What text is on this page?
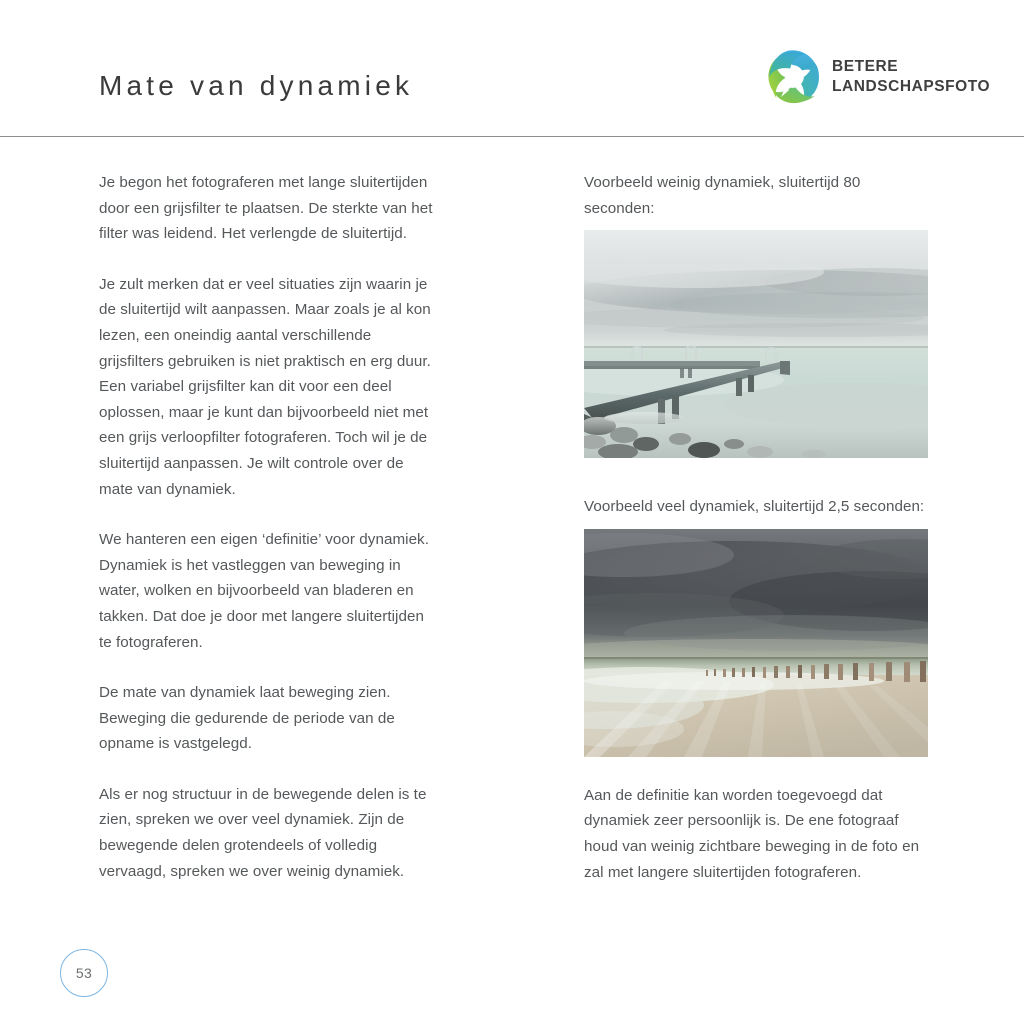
Mate van dynamiek
BETERE
LANDSCHAPSFOTO

Je begon het fotograferen met lange sluitertijden door een grijsfilter te plaatsen. De sterkte van het filter was leidend. Het verlengde de sluitertijd.

Je zult merken dat er veel situaties zijn waarin je de sluitertijd wilt aanpassen. Maar zoals je al kon lezen, een oneindig aantal verschillende grijsfilters gebruiken is niet praktisch en erg duur. Een variabel grijsfilter kan dit voor een deel oplossen, maar je kunt dan bijvoorbeeld niet met een grijs verloopfilter fotograferen. Toch wil je de sluitertijd aanpassen. Je wilt controle over de mate van dynamiek.

We hanteren een eigen ‘definitie’ voor dynamiek. Dynamiek is het vastleggen van beweging in water, wolken en bijvoorbeeld van bladeren en takken. Dat doe je door met langere sluitertijden te fotograferen.

De mate van dynamiek laat beweging zien. Beweging die gedurende de periode van de opname is vastgelegd.

Als er nog structuur in de bewegende delen is te zien, spreken we over veel dynamiek. Zijn de bewegende delen grotendeels of volledig vervaagd, spreken we over weinig dynamiek.

Voorbeeld weinig dynamiek, sluitertijd 80 seconden:

Voorbeeld veel dynamiek, sluitertijd 2,5 seconden:

Aan de definitie kan worden toegevoegd dat dynamiek zeer persoonlijk is. De ene fotograaf houd van weinig zichtbare beweging in de foto en zal met langere sluitertijden fotograferen.

53
